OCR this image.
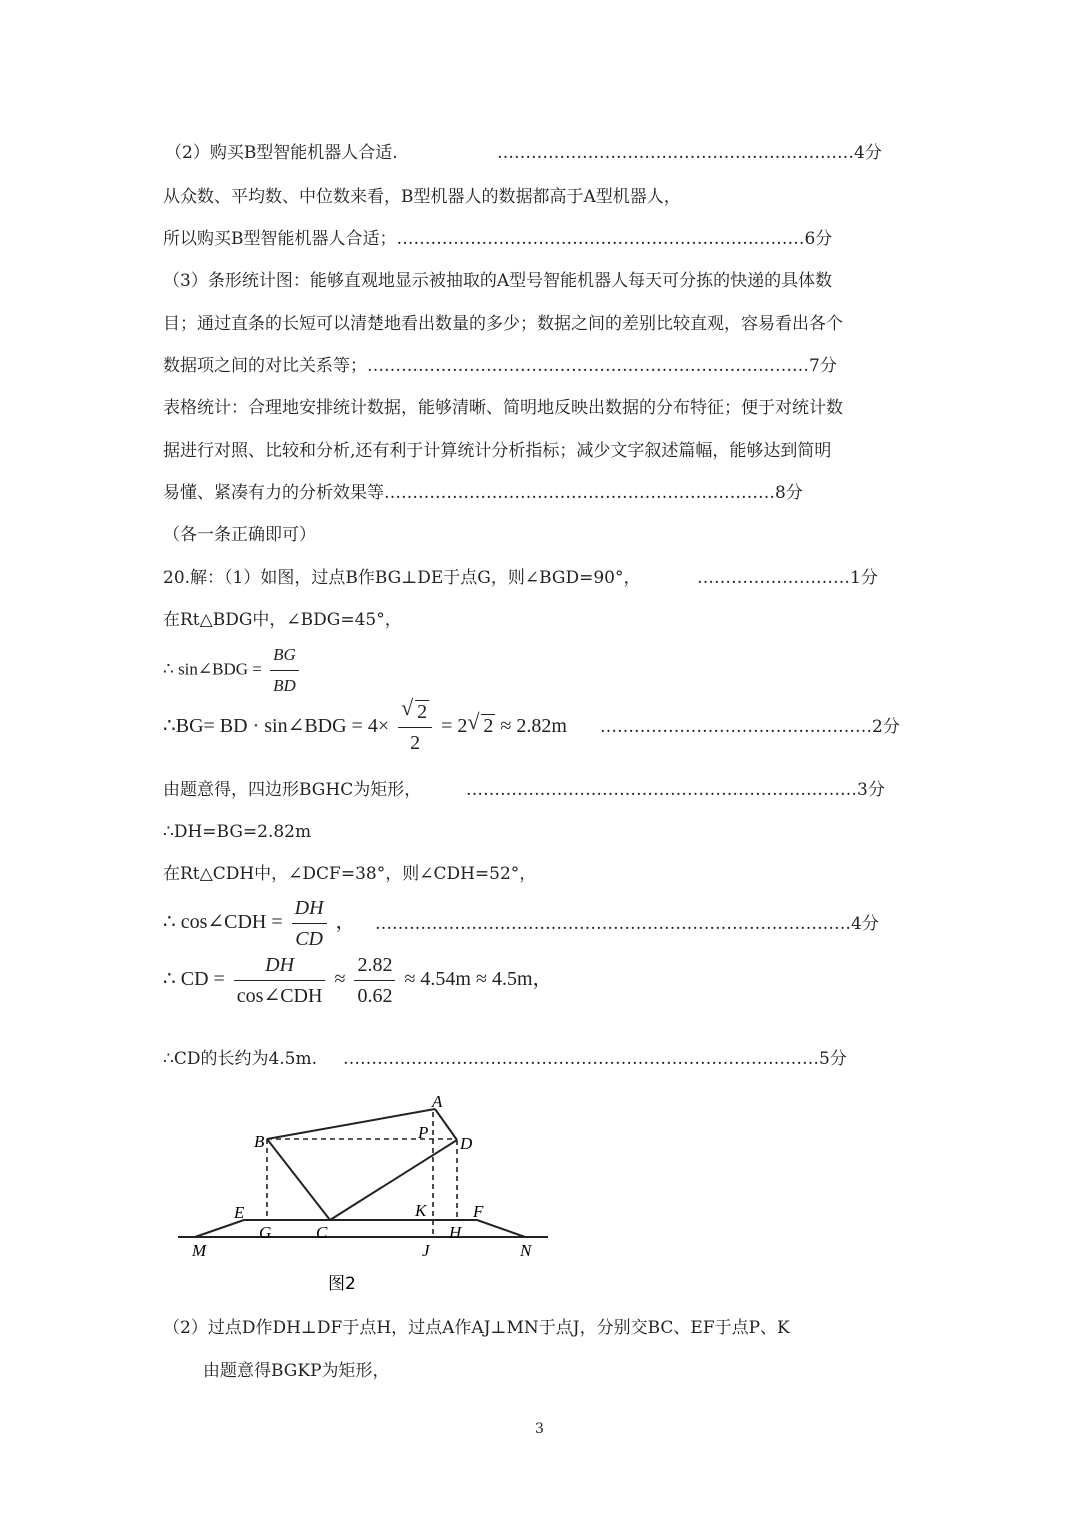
（2）购买B型智能机器人合适.	………………………………………………………4分
从众数、平均数、中位数来看，B型机器人的数据都高于A型机器人，
所以购买B型智能机器人合适；………………………………………………………………6分
（3）条形统计图：能够直观地显示被抽取的A型号智能机器人每天可分拣的快递的具体数
目；通过直条的长短可以清楚地看出数量的多少；数据之间的差别比较直观，容易看出各个
数据项之间的对比关系等；……………………………………………………………………7分
表格统计：合理地安排统计数据，能够清晰、简明地反映出数据的分布特征；便于对统计数
据进行对照、比较和分析,还有利于计算统计分析指标；减少文字叙述篇幅，能够达到简明
易懂、紧凑有力的分析效果等……………………………………………………………8分
（各一条正确即可）
20.解：（1）如图，过点B作BG⊥DE于点G，则∠BGD=90°，	………………………1分
在Rt△BDG中，∠BDG=45°，
∴ sin∠BDG = $\frac{BG}{BD}$
∴BG= BD · sin∠BDG = 4×
√ $\frac{2}{2} = 2√$ 2 ≈ 2.82m …………………………………………2分
由题意得，四边形BGHC为矩形，	……………………………………………………………3分
∴DH=BG=2.82m
在Rt△CDH中，∠DCF=38°，则∠CDH=52°，
∴ cos∠CDH = $\frac{DH}{CD}$ ， …………………………………………………………………………4分
∴ CD = $\frac{DH}{\text{cos∠CDH}} \approx \frac{2.82}{0.62} \approx 4.54m \approx 4.5m$，
∴CD的长约为4.5m. …………………………………………………………………………5分
A
B	P
D
E
G	C
K	F
H
M	J	N
图2
（2）过点D作DH⊥DF于点H，过点A作AJ⊥MN于点J，分别交BC、EF于点P、K
由题意得BGKP为矩形，
3
